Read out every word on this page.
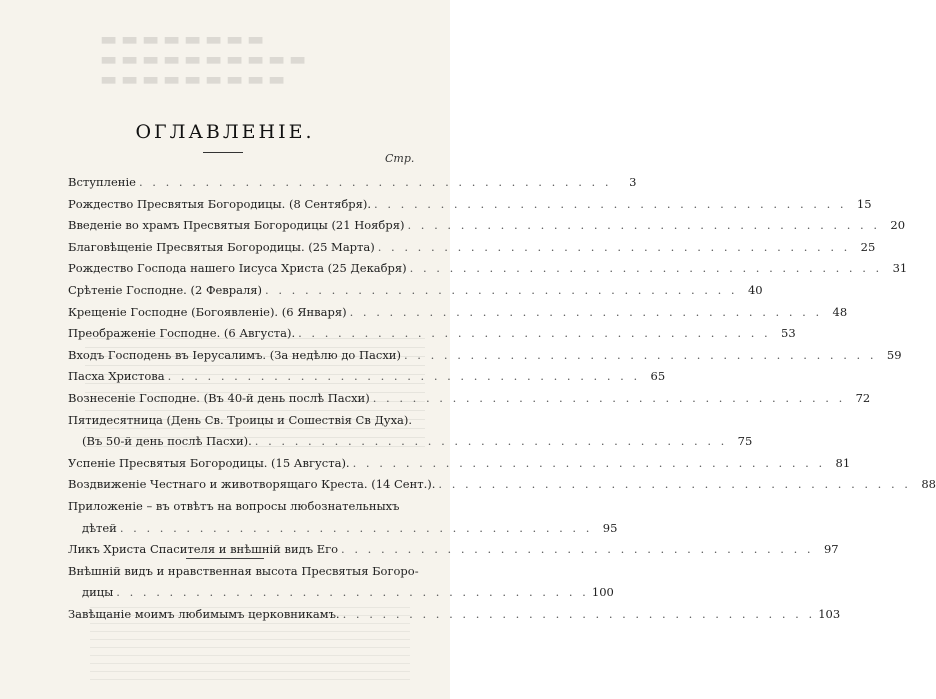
▬▬▬▬▬▬▬▬
▬▬▬▬▬▬▬▬▬▬
▬▬▬▬▬▬▬▬▬
ОГЛАВЛЕНІЕ.
Стр.
Вступленіе . . . . . . . . . . . . . . . . . . . . . . . . . . . . . . . . . . . .	3
Рождество Пресвятыя Богородицы. (8 Сентября). . . . . . . . . . . . . . . . . . . . . . . . . . . . . . . . . . . . . 15
Введеніе во храмъ Пресвятыя Богородицы (21 Ноября) . . . . . . . . . . . . . . . . . . . . . . . . . . . . . . . . . . . . 20
Благовѣщеніе Пресвятыя Богородицы. (25 Марта) . . . . . . . . . . . . . . . . . . . . . . . . . . . . . . . . . . . . 25
Рождество Господа нашего Іисуса Христа (25 Декабря) . . . . . . . . . . . . . . . . . . . . . . . . . . . . . . . . . . . . 31
Срѣтеніе Господне. (2 Февраля) . . . . . . . . . . . . . . . . . . . . . . . . . . . . . . . . . . . . 40
Крещеніе Господне (Богоявленіе). (6 Января) . . . . . . . . . . . . . . . . . . . . . . . . . . . . . . . . . . . . 48
Преображеніе Господне. (6 Августа). . . . . . . . . . . . . . . . . . . . . . . . . . . . . . . . . . . . . 53
Входъ Господень въ Іерусалимъ. (За недѣлю до Пасхи) . . . . . . . . . . . . . . . . . . . . . . . . . . . . . . . . . . . . 59
Пасха Христова . . . . . . . . . . . . . . . . . . . . . . . . . . . . . . . . . . . . 65
Вознесеніе Господне. (Въ 40-й день послѣ Пасхи) . . . . . . . . . . . . . . . . . . . . . . . . . . . . . . . . . . . . 72
Пятидесятница (День Св. Троицы и Сошествія Св Духа).
(Въ 50-й день послѣ Пасхи). . . . . . . . . . . . . . . . . . . . . . . . . . . . . . . . . . . . . 75
Успеніе Пресвятыя Богородицы. (15 Августа). . . . . . . . . . . . . . . . . . . . . . . . . . . . . . . . . . . . . 81
Воздвиженіе Честнаго и животворящаго Креста. (14 Сент.). . . . . . . . . . . . . . . . . . . . . . . . . . . . . . . . . . . . . 88
Приложеніе – въ отвѣтъ на вопросы любознательныхъ
дѣтей . . . . . . . . . . . . . . . . . . . . . . . . . . . . . . . . . . . . 95
Ликъ Христа Спасителя и внѣшній видъ Его . . . . . . . . . . . . . . . . . . . . . . . . . . . . . . . . . . . . 97
Внѣшній видъ и нравственная высота Пресвятыя Богоро-
дицы . . . . . . . . . . . . . . . . . . . . . . . . . . . . . . . . . . . . 100
Завѣщаніе моимъ любимымъ церковникамъ. . . . . . . . . . . . . . . . . . . . . . . . . . . . . . . . . . . . . 103
